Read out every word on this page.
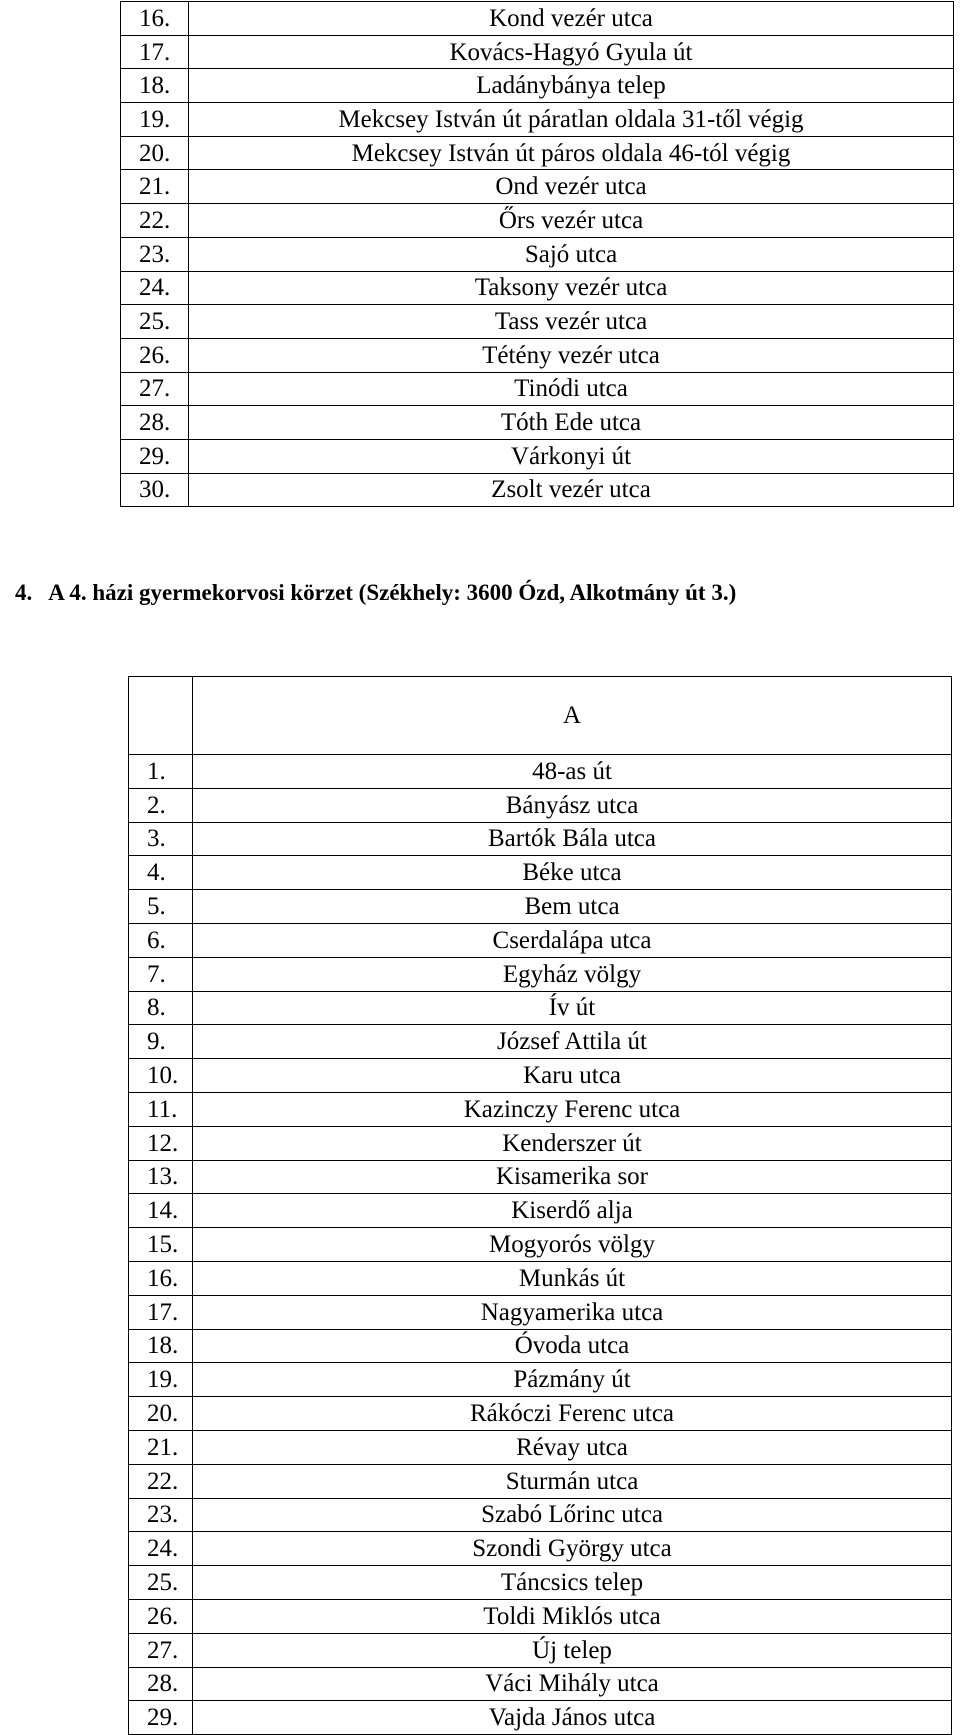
16.	Kond vezér utca
17.	Kovács-Hagyó Gyula út
18.	Ladánybánya telep
19.	Mekcsey István út páratlan oldala 31-től végig
20.	Mekcsey István út páros oldala 46-tól végig
21.	Ond vezér utca
22.	Őrs vezér utca
23.	Sajó utca
24.	Taksony vezér utca
25.	Tass vezér utca
26.	Tétény vezér utca
27.	Tinódi utca
28.	Tóth Ede utca
29.	Várkonyi út
30.	Zsolt vezér utca
4.   A 4. házi gyermekorvosi körzet (Székhely: 3600 Ózd, Alkotmány út 3.)
	A
1.	48-as út
2.	Bányász utca
3.	Bartók Bála utca
4.	Béke utca
5.	Bem utca
6.	Cserdalápa utca
7.	Egyház völgy
8.	Ív út
9.	József Attila út
10.	Karu utca
11.	Kazinczy Ferenc utca
12.	Kenderszer út
13.	Kisamerika sor
14.	Kiserdő alja
15.	Mogyorós völgy
16.	Munkás út
17.	Nagyamerika utca
18.	Óvoda utca
19.	Pázmány út
20.	Rákóczi Ferenc utca
21.	Révay utca
22.	Sturmán utca
23.	Szabó Lőrinc utca
24.	Szondi György utca
25.	Táncsics telep
26.	Toldi Miklós utca
27.	Új telep
28.	Váci Mihály utca
29.	Vajda János utca
